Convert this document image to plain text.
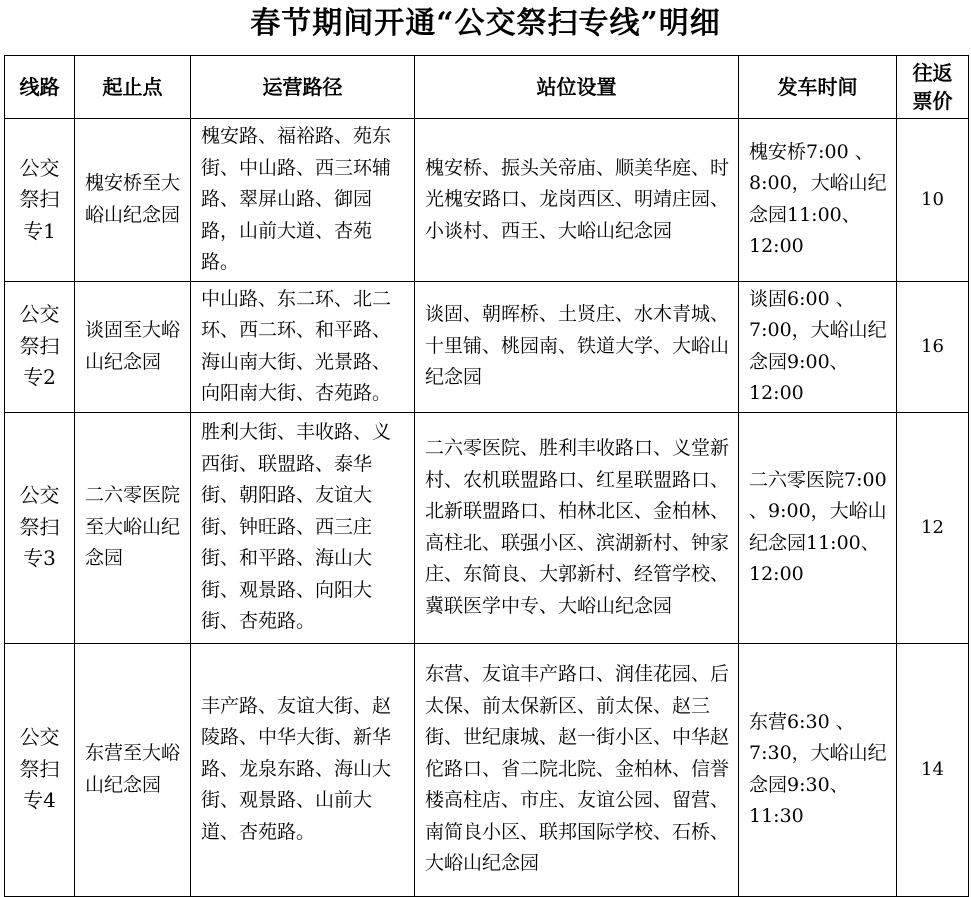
春节期间开通“公交祭扫专线”明细
线路	起止点	运营路径	站位设置	发车时间	往返票价
公交祭扫专1	槐安桥至大峪山纪念园	槐安路、福裕路、苑东街、中山路、西三环辅路、翠屏山路、御园路，山前大道、杏苑路。	槐安桥、振头关帝庙、顺美华庭、时光槐安路口、龙岗西区、明靖庄园、小谈村、西王、大峪山纪念园	槐安桥7:00 、8:00，大峪山纪念园11:00、12:00	10
公交祭扫专2	谈固至大峪山纪念园	中山路、东二环、北二环、西二环、和平路、海山南大街、光景路、向阳南大街、杏苑路。	谈固、朝晖桥、土贤庄、水木青城、十里铺、桃园南、铁道大学、大峪山纪念园	谈固6:00 、7:00，大峪山纪念园9:00、12:00	16
公交祭扫专3	二六零医院至大峪山纪念园	胜利大街、丰收路、义西街、联盟路、泰华街、朝阳路、友谊大街、钟旺路、西三庄街、和平路、海山大街、观景路、向阳大街、杏苑路。	二六零医院、胜利丰收路口、义堂新村、农机联盟路口、红星联盟路口、北新联盟路口、柏林北区、金柏林、高柱北、联强小区、滨湖新村、钟家庄、东简良、大郭新村、经管学校、冀联医学中专、大峪山纪念园	二六零医院7:00 、9:00，大峪山纪念园11:00、12:00	12
公交祭扫专4	东营至大峪山纪念园	丰产路、友谊大街、赵陵路、中华大街、新华路、龙泉东路、海山大街、观景路、山前大道、杏苑路。	东营、友谊丰产路口、润佳花园、后太保、前太保新区、前太保、赵三街、世纪康城、赵一街小区、中华赵佗路口、省二院北院、金柏林、信誉楼高柱店、市庄、友谊公园、留营、南简良小区、联邦国际学校、石桥、大峪山纪念园	东营6:30 、7:30，大峪山纪念园9:30、11:30	14
